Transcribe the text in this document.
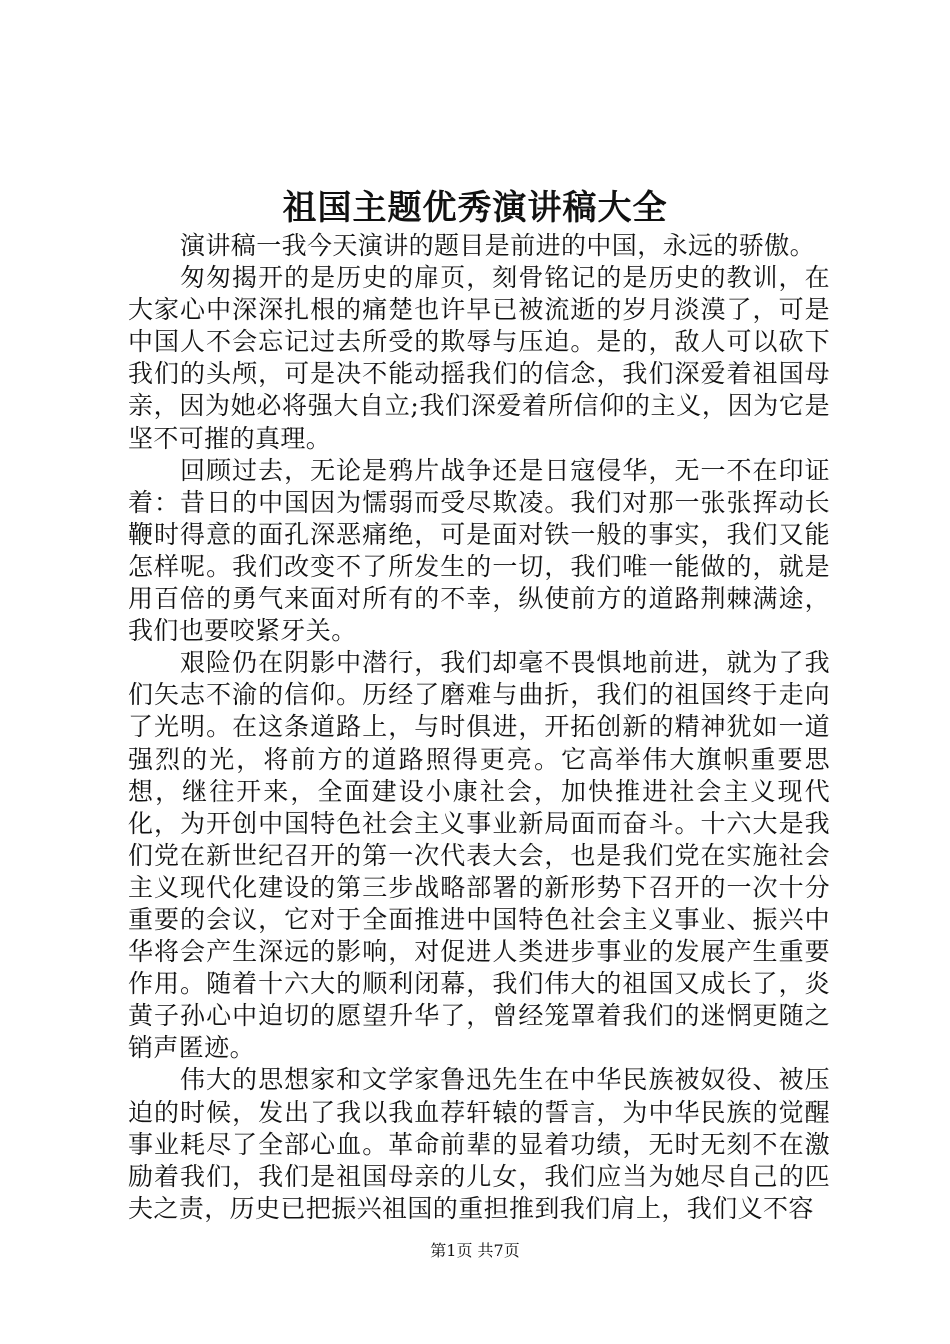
祖国主题优秀演讲稿大全

演讲稿一我今天演讲的题目是前进的中国，永远的骄傲。

匆匆揭开的是历史的扉页，刻骨铭记的是历史的教训，在大家心中深深扎根的痛楚也许早已被流逝的岁月淡漠了，可是中国人不会忘记过去所受的欺辱与压迫。是的，敌人可以砍下我们的头颅，可是决不能动摇我们的信念，我们深爱着祖国母亲，因为她必将强大自立;我们深爱着所信仰的主义，因为它是坚不可摧的真理。

回顾过去，无论是鸦片战争还是日寇侵华，无一不在印证着：昔日的中国因为懦弱而受尽欺凌。我们对那一张张挥动长鞭时得意的面孔深恶痛绝，可是面对铁一般的事实，我们又能怎样呢。我们改变不了所发生的一切，我们唯一能做的，就是用百倍的勇气来面对所有的不幸，纵使前方的道路荆棘满途，我们也要咬紧牙关。

艰险仍在阴影中潜行，我们却毫不畏惧地前进，就为了我们矢志不渝的信仰。历经了磨难与曲折，我们的祖国终于走向了光明。在这条道路上，与时俱进，开拓创新的精神犹如一道强烈的光，将前方的道路照得更亮。它高举伟大旗帜重要思想，继往开来，全面建设小康社会，加快推进社会主义现代化，为开创中国特色社会主义事业新局面而奋斗。十六大是我们党在新世纪召开的第一次代表大会，也是我们党在实施社会主义现代化建设的第三步战略部署的新形势下召开的一次十分重要的会议，它对于全面推进中国特色社会主义事业、振兴中华将会产生深远的影响，对促进人类进步事业的发展产生重要作用。随着十六大的顺利闭幕，我们伟大的祖国又成长了，炎黄子孙心中迫切的愿望升华了，曾经笼罩着我们的迷惘更随之销声匿迹。

伟大的思想家和文学家鲁迅先生在中华民族被奴役、被压迫的时候，发出了我以我血荐轩辕的誓言，为中华民族的觉醒事业耗尽了全部心血。革命前辈的显着功绩，无时无刻不在激励着我们，我们是祖国母亲的儿女，我们应当为她尽自己的匹夫之责，历史已把振兴祖国的重担推到我们肩上，我们义不容

第1页 共7页
